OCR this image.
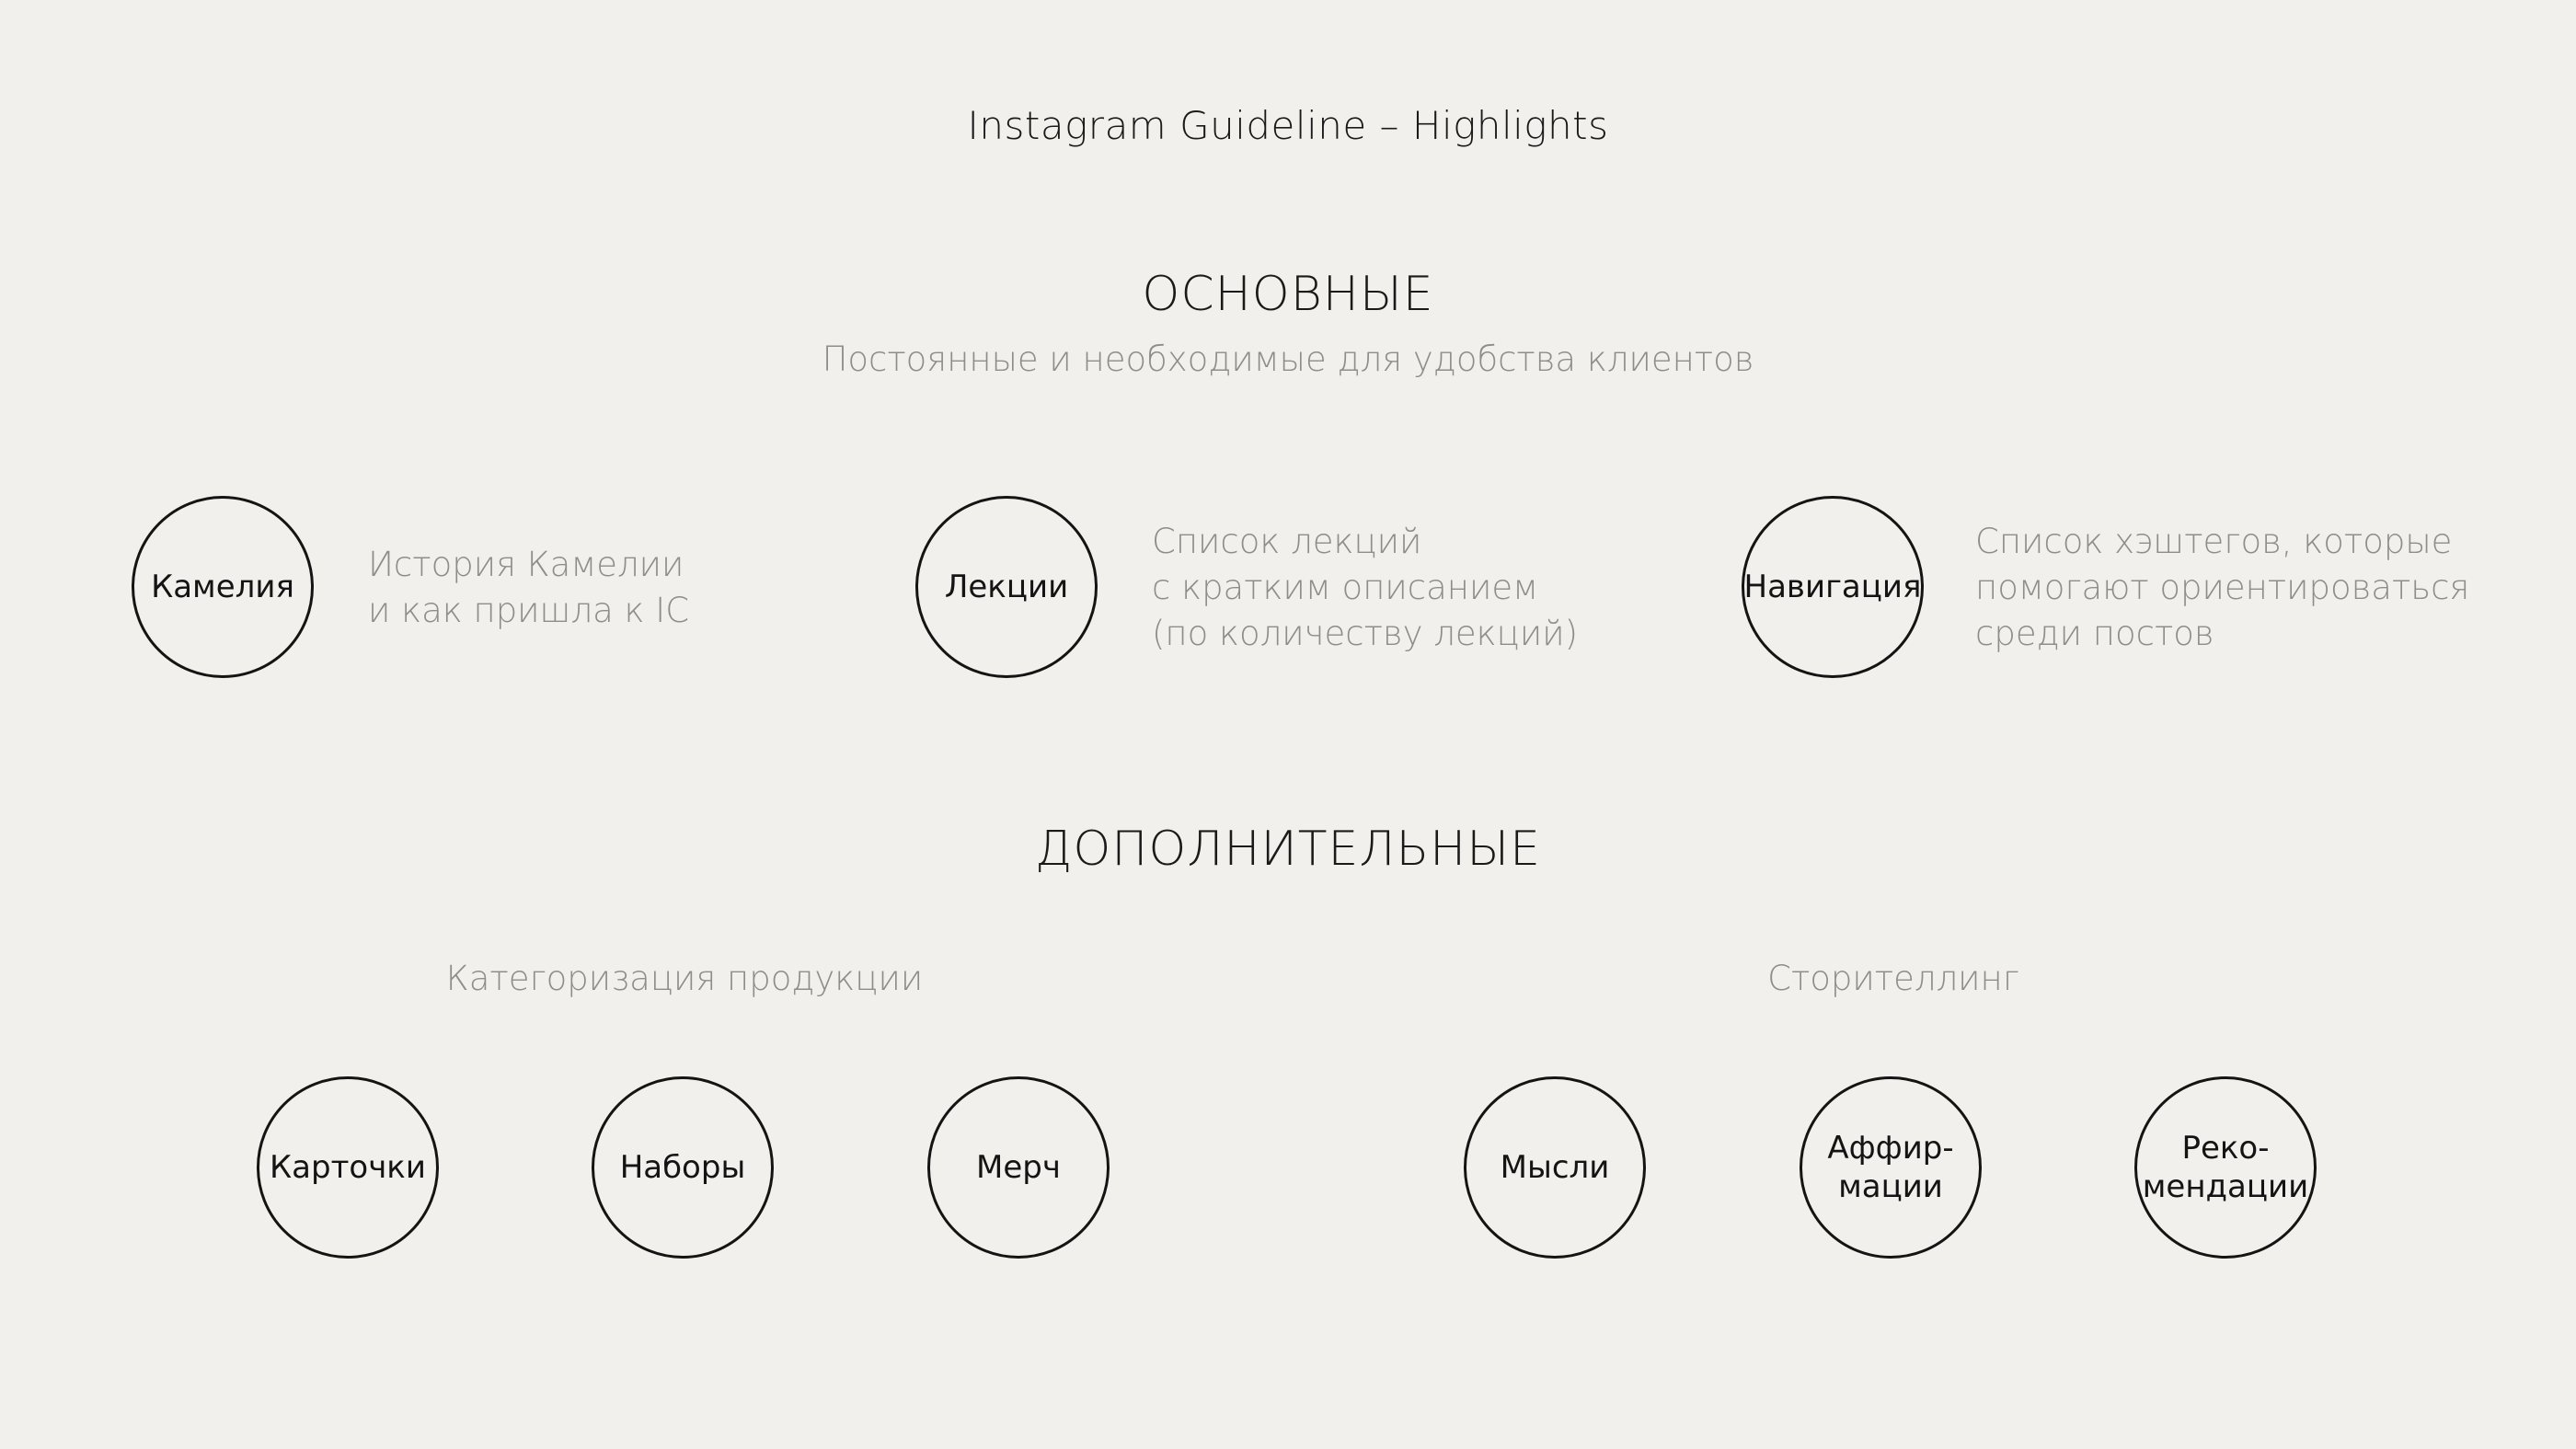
Instagram Guideline – Highlights
ОСНОВНЫЕ
Постоянные и необходимые для удобства клиентов
Камелия
История Камелии
и как пришла к IC
Лекции
Список лекций
с кратким описанием
(по количеству лекций)
Навигация
Список хэштегов, которые
помогают ориентироваться
среди постов
ДОПОЛНИТЕЛЬНЫЕ
Категоризация продукции	Сторителлинг
Карточки	Наборы	Мерч	Мысли
Аффир-
мации
Реко-
мендации
